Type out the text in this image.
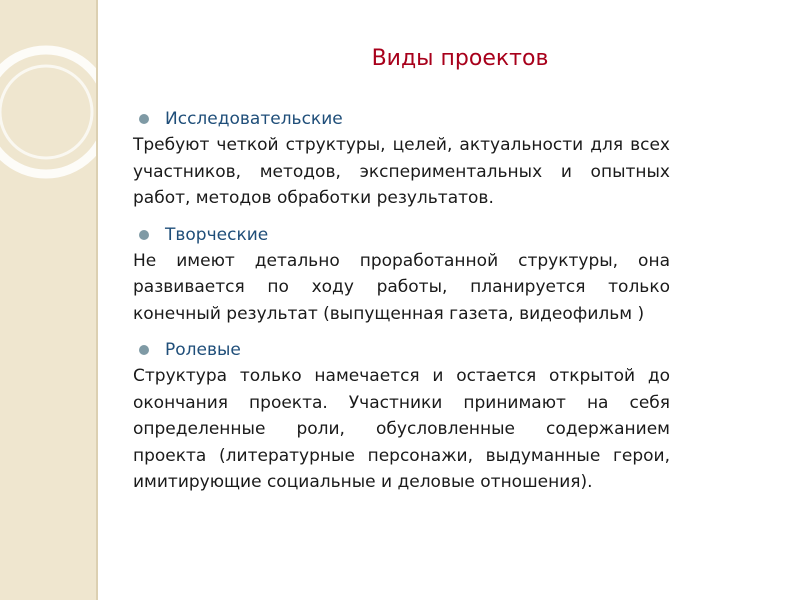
Виды проектов
Исследовательские
Требуют четкой структуры, целей, актуальности для всех участников, методов, экспериментальных и опытных работ, методов обработки результатов.
Творческие
Не имеют детально проработанной структуры, она развивается по ходу работы, планируется только конечный результат (выпущенная газета, видеофильм )
Ролевые
Структура только намечается и остается открытой до окончания проекта. Участники принимают на себя определенные роли, обусловленные содержанием проекта (литературные персонажи, выдуманные герои, имитирующие социальные и деловые отношения).
